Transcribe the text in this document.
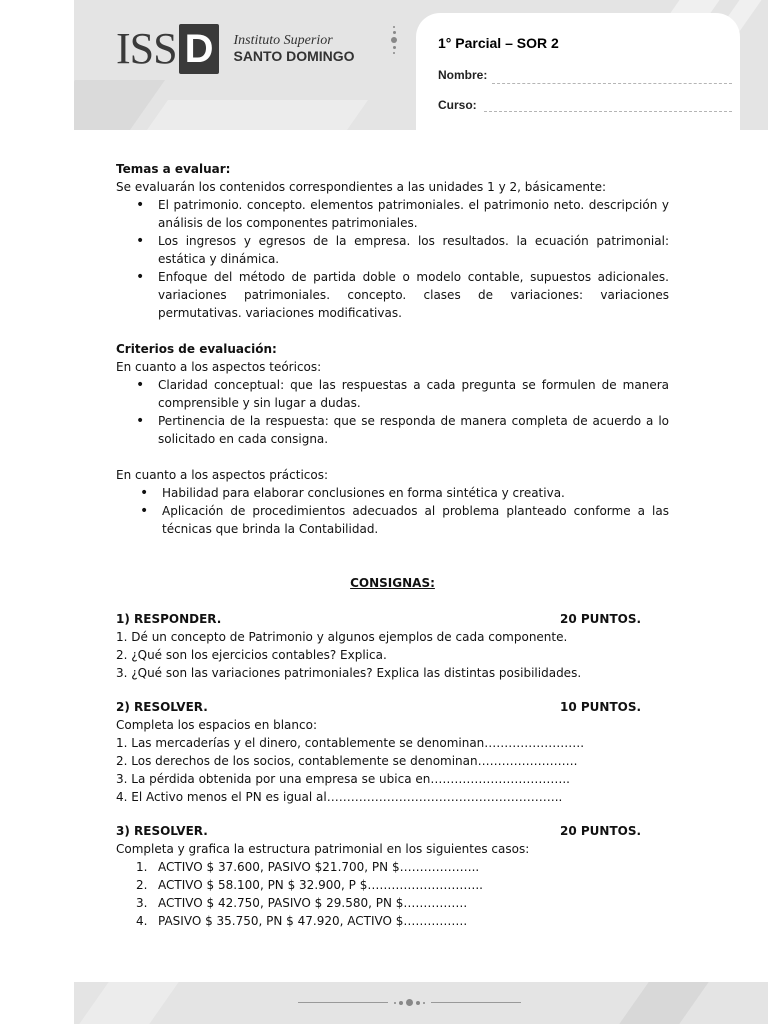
ISS D	Instituto Superior
SANTO DOMINGO
1° Parcial – SOR 2
Nombre:
Curso:

Temas a evaluar:

Se evaluarán los contenidos correspondientes a las unidades 1 y 2, básicamente:

• El patrimonio. concepto. elementos patrimoniales. el patrimonio neto. descripción y análisis de los componentes patrimoniales.
• Los ingresos y egresos de la empresa. los resultados. la ecuación patrimonial: estática y dinámica.
• Enfoque del método de partida doble o modelo contable, supuestos adicionales. variaciones patrimoniales. concepto. clases de variaciones: variaciones permutativas. variaciones modificativas.

Criterios de evaluación:

En cuanto a los aspectos teóricos:

• Claridad conceptual: que las respuestas a cada pregunta se formulen de manera comprensible y sin lugar a dudas.
• Pertinencia de la respuesta: que se responda de manera completa de acuerdo a lo solicitado en cada consigna.

En cuanto a los aspectos prácticos:

• Habilidad para elaborar conclusiones en forma sintética y creativa.
• Aplicación de procedimientos adecuados al problema planteado conforme a las técnicas que brinda la Contabilidad.

CONSIGNAS:

1) RESPONDER.	20 PUNTOS.

1. Dé un concepto de Patrimonio y algunos ejemplos de cada componente.

2. ¿Qué son los ejercicios contables? Explica.

3. ¿Qué son las variaciones patrimoniales? Explica las distintas posibilidades.

2) RESOLVER.	10 PUNTOS.

Completa los espacios en blanco:

1. Las mercaderías y el dinero, contablemente se denominan…………………….

2. Los derechos de los socios, contablemente se denominan…………………….

3. La pérdida obtenida por una empresa se ubica en……………………………..

4. El Activo menos el PN es igual al…………………………………………………..

3) RESOLVER.	20 PUNTOS.

Completa y grafica la estructura patrimonial en los siguientes casos:

1. ACTIVO $ 37.600, PASIVO $21.700, PN $………………..
2. ACTIVO $ 58.100, PN $ 32.900, P $………………………..
3. ACTIVO $ 42.750, PASIVO $ 29.580, PN $…………….
4. PASIVO $ 35.750, PN $ 47.920, ACTIVO $…………….
